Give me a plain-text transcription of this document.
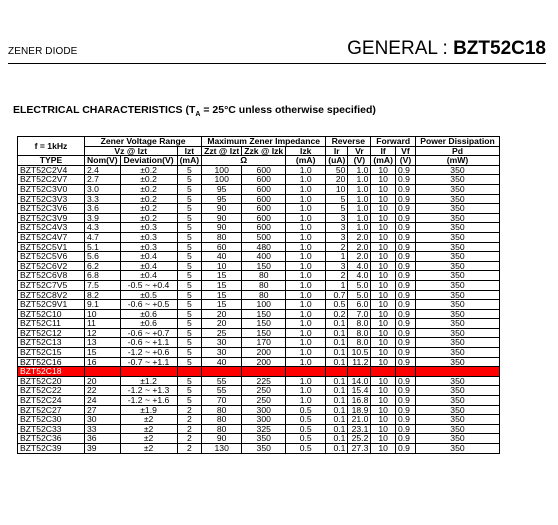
ZENER DIODE	GENERAL : BZT52C18
ELECTRICAL CHARACTERISTICS ($T_A = 25^\circ C$ unless otherwise specified)
f = 1kHz	Zener Voltage Range			Maximum Zener Impedance			Reverse		Forward		Power Dissipation
	Vz @ Izt		Izt	Zzt @ Izt	Zzk @ Izk	Izk	Ir	Vr	If	Vf	Pd
TYPE	Nom(V)	Deviation(V)	(mA)	Ω		(mA)	(uA)	(V)	(mA)	(V)	(mW)
BZT52C2V4	2.4	±0.2	5	100	600	1.0	50	1.0	10	0.9	350
BZT52C2V7	2.7	±0.2	5	100	600	1.0	20	1.0	10	0.9	350
BZT52C3V0	3.0	±0.2	5	95	600	1.0	10	1.0	10	0.9	350
BZT52C3V3	3.3	±0.2	5	95	600	1.0	5	1.0	10	0.9	350
BZT52C3V6	3.6	±0.2	5	90	600	1.0	5	1.0	10	0.9	350
BZT52C3V9	3.9	±0.2	5	90	600	1.0	3	1.0	10	0.9	350
BZT52C4V3	4.3	±0.3	5	90	600	1.0	3	1.0	10	0.9	350
BZT52C4V7	4.7	±0.3	5	80	500	1.0	3	2.0	10	0.9	350
BZT52C5V1	5.1	±0.3	5	60	480	1.0	2	2.0	10	0.9	350
BZT52C5V6	5.6	±0.4	5	40	400	1.0	1	2.0	10	0.9	350
BZT52C6V2	6.2	±0.4	5	10	150	1.0	3	4.0	10	0.9	350
BZT52C6V8	6.8	±0.4	5	15	80	1.0	2	4.0	10	0.9	350
BZT52C7V5	7.5	-0.5 ~ +0.4	5	15	80	1.0	1	5.0	10	0.9	350
BZT52C8V2	8.2	±0.5	5	15	80	1.0	0.7	5.0	10	0.9	350
BZT52C9V1	9.1	-0.6 ~ +0.5	5	15	100	1.0	0.5	6.0	10	0.9	350
BZT52C10	10	±0.6	5	20	150	1.0	0.2	7.0	10	0.9	350
BZT52C11	11	±0.6	5	20	150	1.0	0.1	8.0	10	0.9	350
BZT52C12	12	-0.6 ~ +0.7	5	25	150	1.0	0.1	8.0	10	0.9	350
BZT52C13	13	-0.6 ~ +1.1	5	30	170	1.0	0.1	8.0	10	0.9	350
BZT52C15	15	-1.2 ~ +0.6	5	30	200	1.0	0.1	10.5	10	0.9	350
BZT52C16	16	-0.7 ~ +1.1	5	40	200	1.0	0.1	11.2	10	0.9	350
BZT52C18	18	-1.2 ~ +1.1	5	45	225	1.0	0.1	12.6	10	0.9	350
BZT52C20	20	±1.2	5	55	225	1.0	0.1	14.0	10	0.9	350
BZT52C22	22	-1.2 ~ +1.3	5	55	250	1.0	0.1	15.4	10	0.9	350
BZT52C24	24	-1.2 ~ +1.6	5	70	250	1.0	0.1	16.8	10	0.9	350
BZT52C27	27	±1.9	2	80	300	0.5	0.1	18.9	10	0.9	350
BZT52C30	30	±2	2	80	300	0.5	0.1	21.0	10	0.9	350
BZT52C33	33	±2	2	80	325	0.5	0.1	23.1	10	0.9	350
BZT52C36	36	±2	2	90	350	0.5	0.1	25.2	10	0.9	350
BZT52C39	39	±2	2	130	350	0.5	0.1	27.3	10	0.9	350
